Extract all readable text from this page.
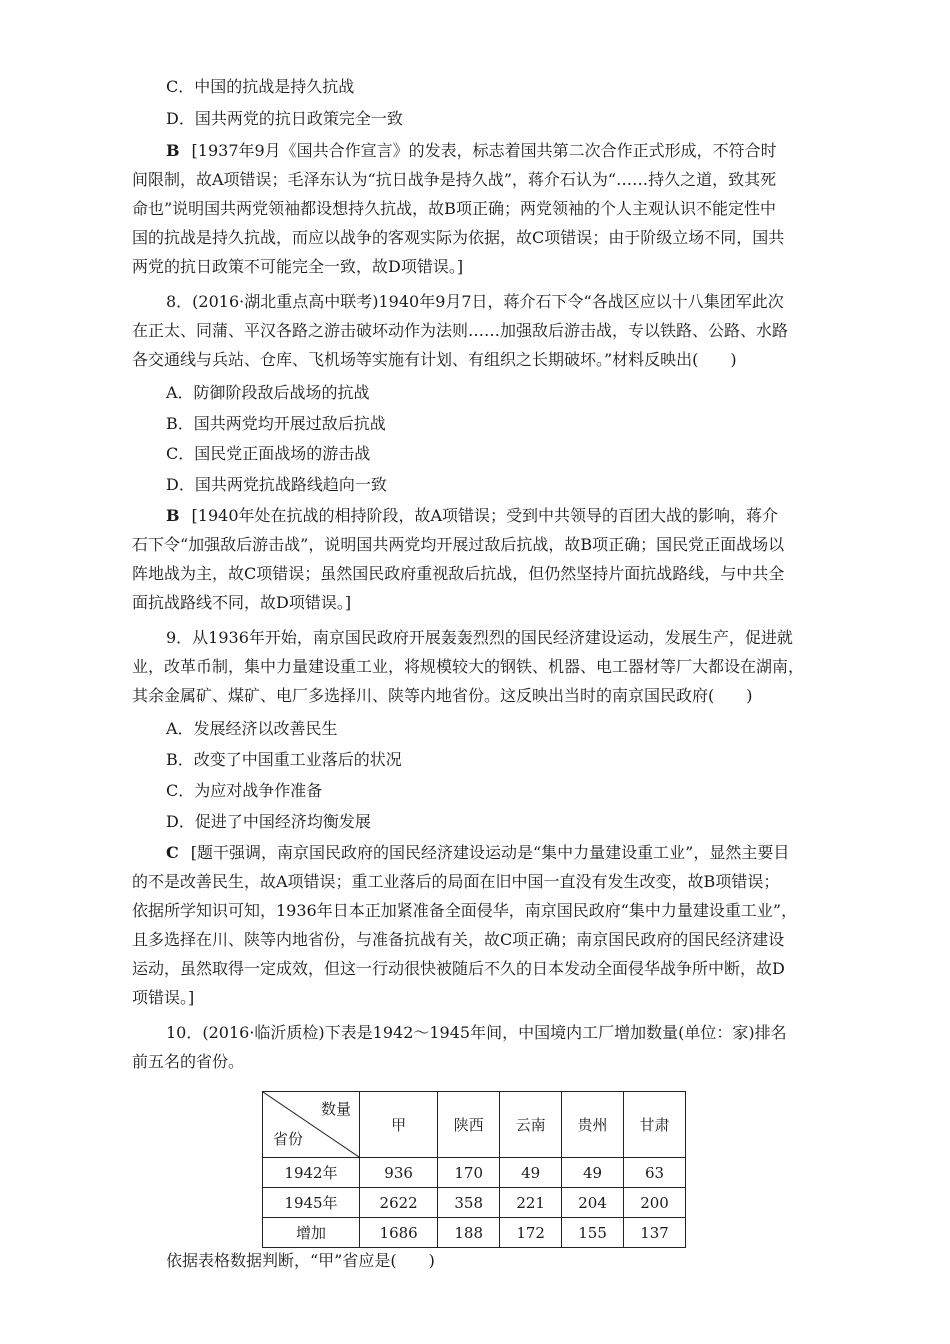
C．中国的抗战是持久抗战
D．国共两党的抗日政策完全一致
B [1937年9月《国共合作宣言》的发表，标志着国共第二次合作正式形成，不符合时
间限制，故A项错误；毛泽东认为“抗日战争是持久战”，蒋介石认为“……持久之道，致其死
命也”说明国共两党领袖都设想持久抗战，故B项正确；两党领袖的个人主观认识不能定性中
国的抗战是持久抗战，而应以战争的客观实际为依据，故C项错误；由于阶级立场不同，国共
两党的抗日政策不可能完全一致，故D项错误。]
8．(2016·湖北重点高中联考)1940年9月7日，蒋介石下令“各战区应以十八集团军此次
在正太、同蒲、平汉各路之游击破坏动作为法则……加强敌后游击战，专以铁路、公路、水路
各交通线与兵站、仓库、飞机场等实施有计划、有组织之长期破坏。”材料反映出(　　)
A．防御阶段敌后战场的抗战
B．国共两党均开展过敌后抗战
C．国民党正面战场的游击战
D．国共两党抗战路线趋向一致
B [1940年处在抗战的相持阶段，故A项错误；受到中共领导的百团大战的影响，蒋介
石下令“加强敌后游击战”，说明国共两党均开展过敌后抗战，故B项正确；国民党正面战场以
阵地战为主，故C项错误；虽然国民政府重视敌后抗战，但仍然坚持片面抗战路线，与中共全
面抗战路线不同，故D项错误。]
9．从1936年开始，南京国民政府开展轰轰烈烈的国民经济建设运动，发展生产，促进就
业，改革币制，集中力量建设重工业，将规模较大的钢铁、机器、电工器材等厂大都设在湖南，
其余金属矿、煤矿、电厂多选择川、陕等内地省份。这反映出当时的南京国民政府(　　)
A．发展经济以改善民生
B．改变了中国重工业落后的状况
C．为应对战争作准备
D．促进了中国经济均衡发展
C [题干强调，南京国民政府的国民经济建设运动是“集中力量建设重工业”，显然主要目
的不是改善民生，故A项错误；重工业落后的局面在旧中国一直没有发生改变，故B项错误；
依据所学知识可知，1936年日本正加紧准备全面侵华，南京国民政府“集中力量建设重工业”，
且多选择在川、陕等内地省份，与准备抗战有关，故C项正确；南京国民政府的国民经济建设
运动，虽然取得一定成效，但这一行动很快被随后不久的日本发动全面侵华战争所中断，故D
项错误。]
10．(2016·临沂质检)下表是1942～1945年间，中国境内工厂增加数量(单位：家)排名
前五名的省份。
数量
省份	甲	陕西	云南	贵州	甘肃
1942年	936	170	49	49	63
1945年	2622	358	221	204	200
增加	1686	188	172	155	137
依据表格数据判断，“甲”省应是(　　)
